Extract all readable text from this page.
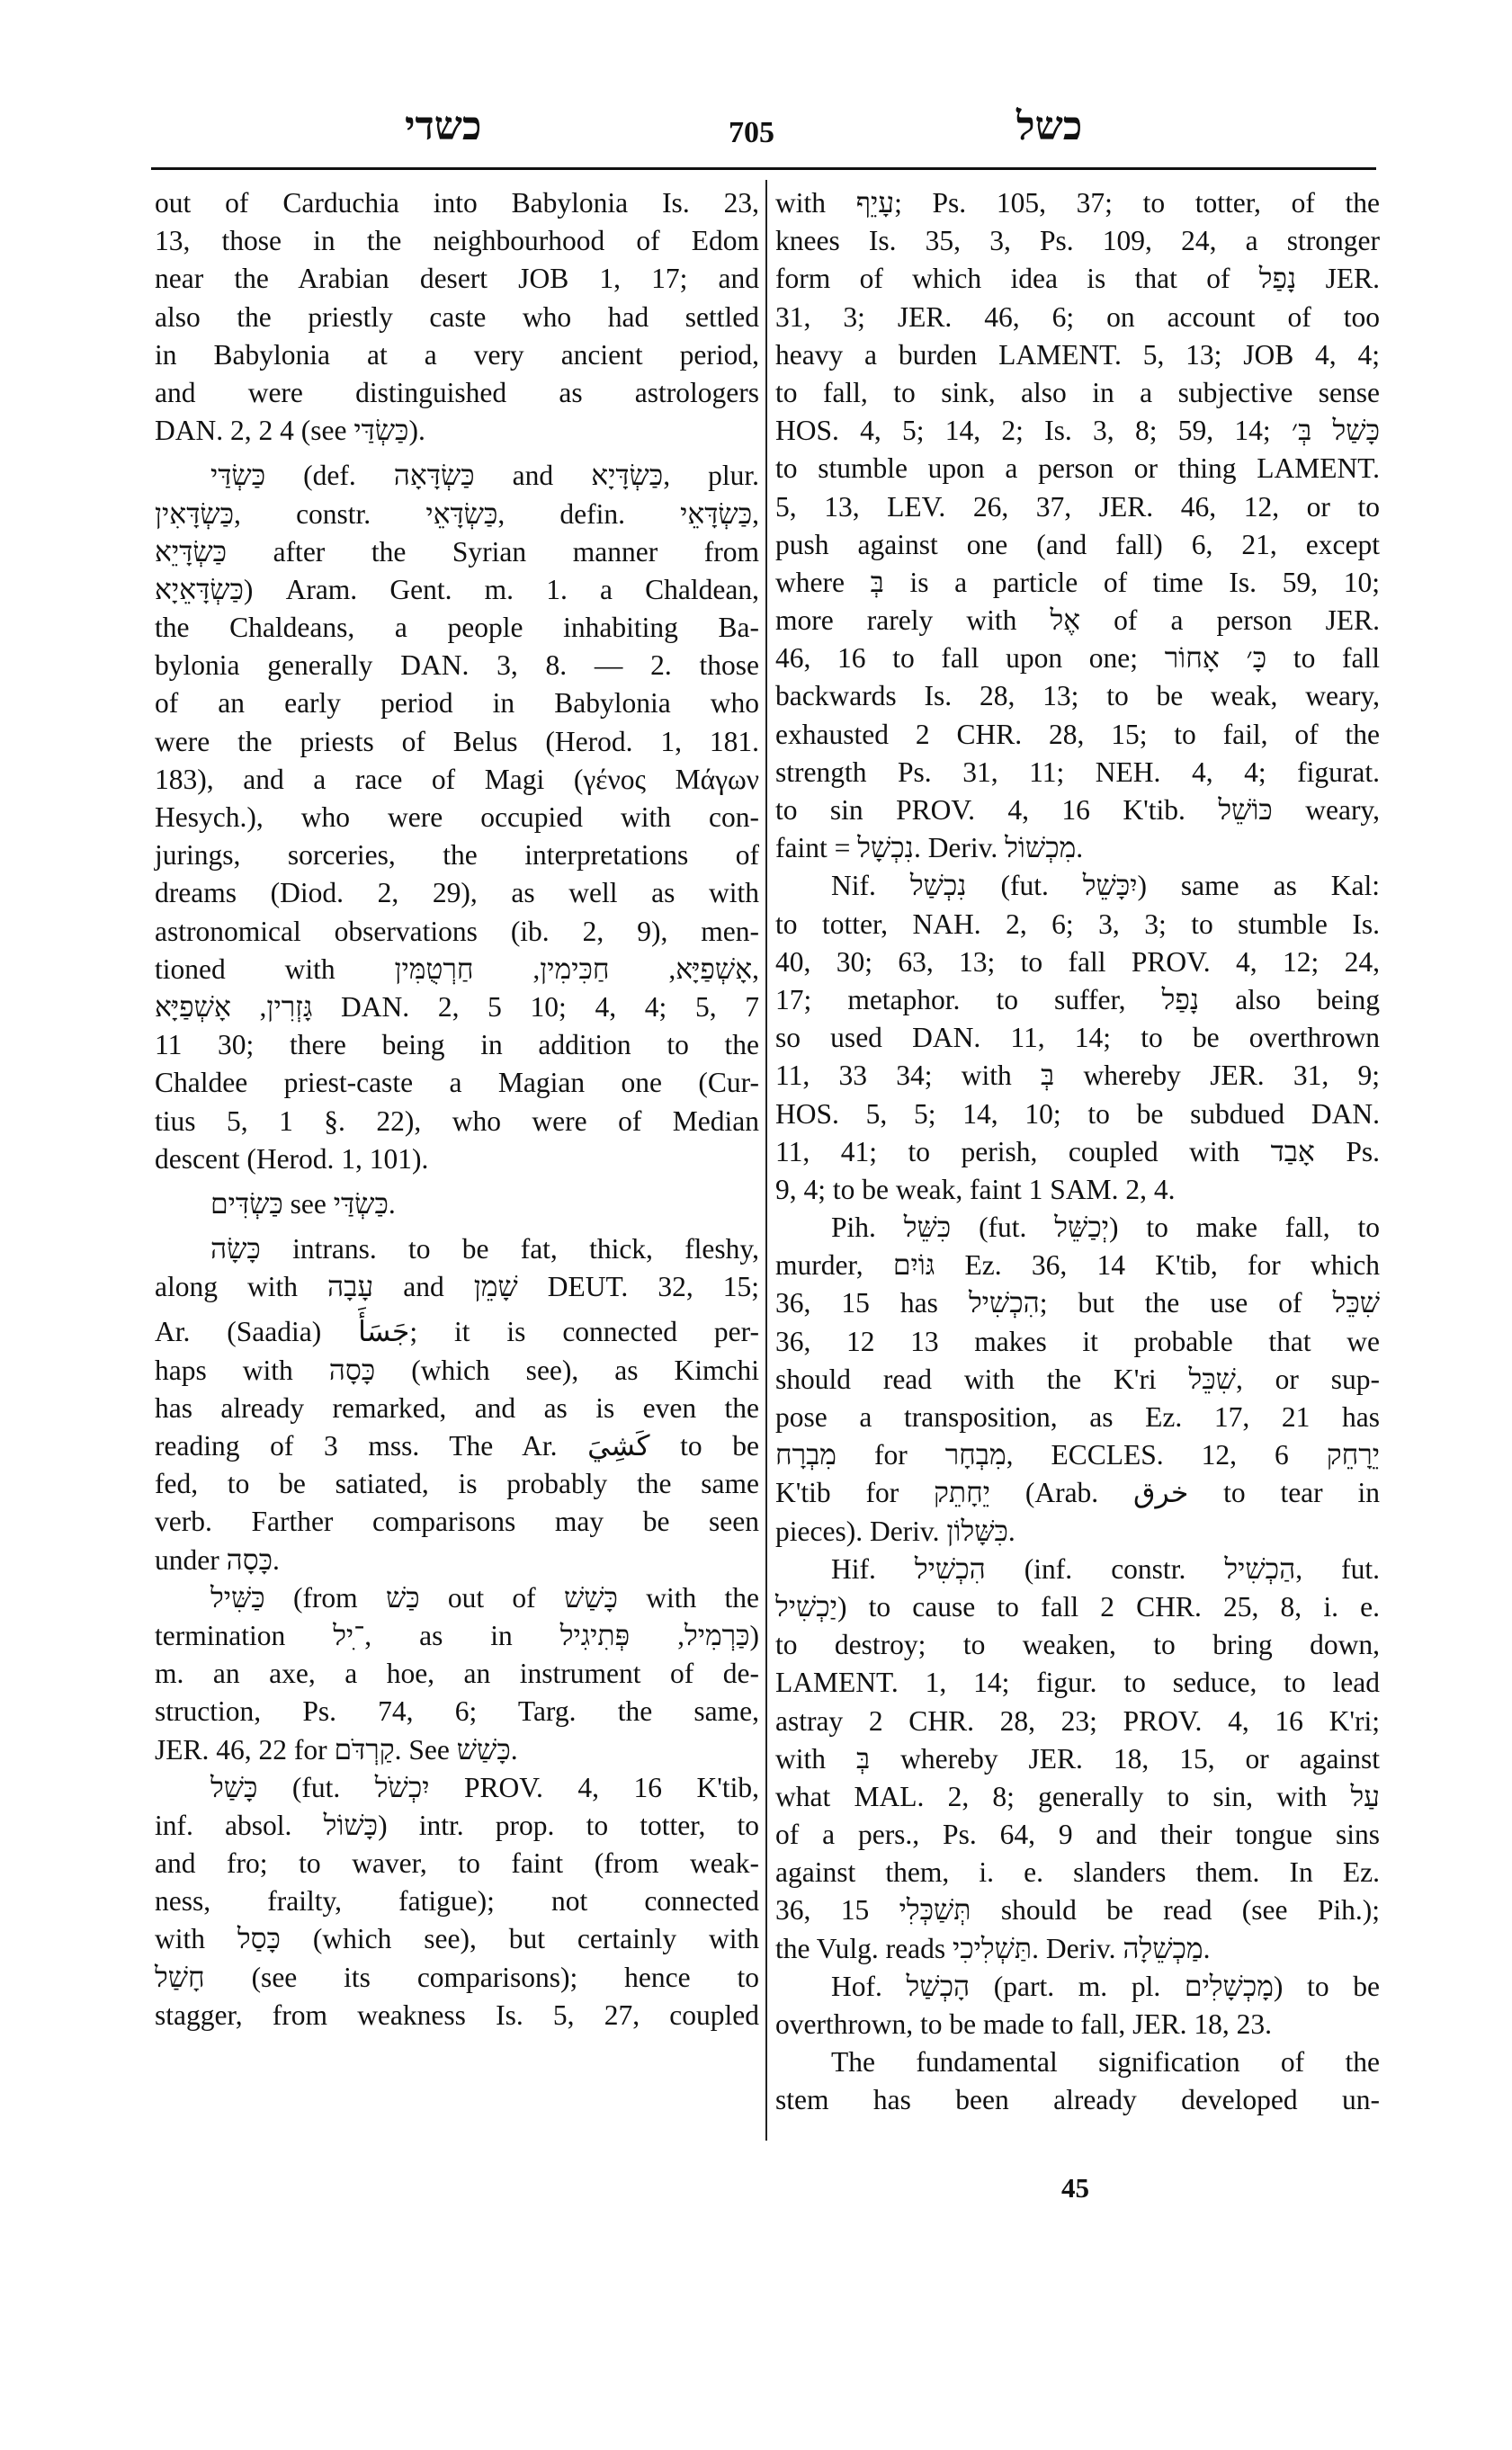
כשדי	705	כשל
out of Carduchia into Babylonia Is. 23,
13, those in the neighbourhood of Edom
near the Arabian desert JOB 1, 17; and
also the priestly caste who had settled
in Babylonia at a very ancient period,
and were distinguished as astrologers
DAN. 2, 2 4 (see כַּשְׂדַּי).
כַּשְׂדַּי (def. כַּשְׂדָּאָה and כַּשְׂדָּיָא, plur.
כַּשְׂדָּאִין, constr. כַּשְׂדָּאֵי, defin. כַּשְׂדָּאֵי,
כַּשְׂדָּיֵא after the Syrian manner from
כַּשְׂדָּאֵיָא) Aram. Gent. m. 1. a Chaldean,
the Chaldeans, a people inhabiting Ba-
bylonia generally DAN. 3, 8. — 2. those
of an early period in Babylonia who
were the priests of Belus (Herod. 1, 181.
183), and a race of Magi (γένος Μάγων
Hesych.), who were occupied with con-
jurings, sorceries, the interpretations of
dreams (Diod. 2, 29), as well as with
astronomical observations (ib. 2, 9), men-
tioned with אָשְׁפַיָּא, חַכִּימִין, חַרְטֻמִּין,
גָּזְרִין, אָשְׁפַיָּא DAN. 2, 5 10; 4, 4; 5, 7
11 30; there being in addition to the
Chaldee priest-caste a Magian one (Cur-
tius 5, 1 §. 22), who were of Median
descent (Herod. 1, 101).
כַּשְׂדִּים see כַּשְׂדַּי.
כָּשָׂה intrans. to be fat, thick, fleshy,
along with עָבָה and שָׁמֵן DEUT. 32, 15;
Ar. (Saadia) جَسَأَ; it is connected per-
haps with כָּסָה (which see), as Kimchi
has already remarked, and as is even the
reading of 3 mss. The Ar. كَشِيَ to be
fed, to be satiated, is probably the same
verb. Farther comparisons may be seen
under כָּסָה.
כַּשִּׁיל (from כַּשׁ out of כָּשַׁשׁ with the
termination ־ִיל, as in כַּרְמִיל, פְּתִיגִיל)
m. an axe, a hoe, an instrument of de-
struction, Ps. 74, 6; Targ. the same,
JER. 46, 22 for קַרְדֹּם. See כָּשַׁשׁ.
כָּשַׁל (fut. יִכְשֹׁל PROV. 4, 16 K'tib,
inf. absol. כָּשׁוֹל) intr. prop. to totter, to
and fro; to waver, to faint (from weak-
ness, frailty, fatigue); not connected
with כָּסַל (which see), but certainly with
חָשַׁל (see its comparisons); hence to
stagger, from weakness Is. 5, 27, coupled
with עָיֵף; Ps. 105, 37; to totter, of the
knees Is. 35, 3, Ps. 109, 24, a stronger
form of which idea is that of נָפַל JER.
31, 3; JER. 46, 6; on account of too
heavy a burden LAMENT. 5, 13; JOB 4, 4;
to fall, to sink, also in a subjective sense
HOS. 4, 5; 14, 2; Is. 3, 8; 59, 14; כָּשַׁל בְּ׳
to stumble upon a person or thing LAMENT.
5, 13, LEV. 26, 37, JER. 46, 12, or to
push against one (and fall) 6, 21, except
where בְּ is a particle of time Is. 59, 10;
more rarely with אֶל of a person JER.
46, 16 to fall upon one; כָּ׳ אָחוֹר to fall
backwards Is. 28, 13; to be weak, weary,
exhausted 2 CHR. 28, 15; to fail, of the
strength Ps. 31, 11; NEH. 4, 4; figurat.
to sin PROV. 4, 16 K'tib. כּוֹשֵׁל weary,
faint = נִכְשָׁל. Deriv. מִכְשׁוֹל.
Nif. נִכְשַׁל (fut. יִכָּשֵׁל) same as Kal:
to totter, NAH. 2, 6; 3, 3; to stumble Is.
40, 30; 63, 13; to fall PROV. 4, 12; 24,
17; metaphor. to suffer, נָפַל also being
so used DAN. 11, 14; to be overthrown
11, 33 34; with בְּ whereby JER. 31, 9;
HOS. 5, 5; 14, 10; to be subdued DAN.
11, 41; to perish, coupled with אָבַד Ps.
9, 4; to be weak, faint 1 SAM. 2, 4.
Pih. כִּשֵּׁל (fut. יְכַשֵּׁל) to make fall, to
murder, גּוֹיִם Ez. 36, 14 K'tib, for which
36, 15 has הִכְשִׁיל; but the use of שִׁכֵּל
36, 12 13 makes it probable that we
should read with the K'ri שִׁכֵּל, or sup-
pose a transposition, as Ez. 17, 21 has
מִבְרָח for מִבְחָר, ECCLES. 12, 6 יֵרָחֵק
K'tib for יֵחָתֵק (Arab. خرق to tear in
pieces). Deriv. כִּשָּׁלוֹן.
Hif. הִכְשִׁיל (inf. constr. הַכְשִׁיל, fut.
יַכְשִׁיל) to cause to fall 2 CHR. 25, 8, i. e.
to destroy; to weaken, to bring down,
LAMENT. 1, 14; figur. to seduce, to lead
astray 2 CHR. 28, 23; PROV. 4, 16 K'ri;
with בְּ whereby JER. 18, 15, or against
what MAL. 2, 8; generally to sin, with עַל
of a pers., Ps. 64, 9 and their tongue sins
against them, i. e. slanders them. In Ez.
36, 15 תְּשַׁכְּלִי should be read (see Pih.);
the Vulg. reads תַּשְׁלִיכִי. Deriv. מַכְשֵׁלָה.
Hof. הָכְשַׁל (part. m. pl. מָכְשָׁלִים) to be
overthrown, to be made to fall, JER. 18, 23.
The fundamental signification of the
stem has been already developed un-
45
